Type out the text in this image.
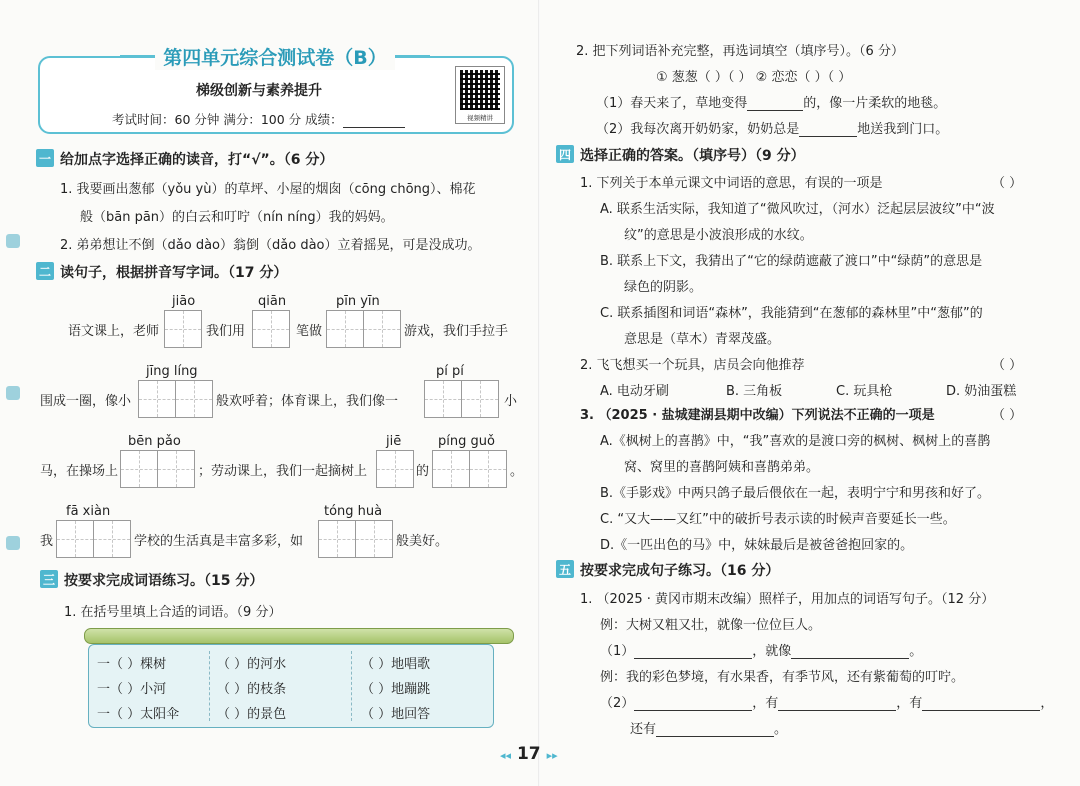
第四单元综合测试卷（B）
梯级创新与素养提升
考试时间：60 分钟 满分：100 分 成绩：	视频精讲
一 给加点字选择正确的读音，打“√”。（6 分）
1. 我要画出葱郁（yǒu yù）的草坪、小屋的烟囱（cōng chōng）、棉花
般（bān pān）的白云和叮咛（nín níng）我的妈妈。
2. 弟弟想让不倒（dǎo dào）翁倒（dǎo dào）立着摇晃，可是没成功。
二 读句子，根据拼音写字词。（17 分）
jiāo	qiān	pīn yīn
语文课上，老师	我们用	笔做	游戏，我们手拉手
jīng líng	pí pí
围成一圈，像小	般欢呼着；体育课上，我们像一	小
bēn pǎo	jiē	píng guǒ
马，在操场上	；劳动课上，我们一起摘树上	的	。
fā xiàn	tóng huà
我	学校的生活真是丰富多彩，如	般美好。
三 按要求完成词语练习。（15 分）
1. 在括号里填上合适的词语。（9 分）
一（ ）棵树	（ ）的河水	（ ）地唱歌
一（ ）小河	（ ）的枝条	（ ）地蹦跳
一（ ）太阳伞	（ ）的景色	（ ）地回答
2. 把下列词语补充完整，再选词填空（填序号）。（6 分）
① 葱葱（ ）（ ） ② 恋恋（ ）（ ）
（1）春天来了，草地变得	的，像一片柔软的地毯。
（2）我每次离开奶奶家，奶奶总是	地送我到门口。
四 选择正确的答案。（填序号）（9 分）
1. 下列关于本单元课文中词语的意思，有误的一项是	（ ）
A. 联系生活实际，我知道了“微风吹过，（河水）泛起层层波纹”中“波
纹”的意思是小波浪形成的水纹。
B. 联系上下文，我猜出了“它的绿荫遮蔽了渡口”中“绿荫”的意思是
绿色的阴影。
C. 联系插图和词语“森林”，我能猜到“在葱郁的森林里”中“葱郁”的
意思是（草木）青翠茂盛。
2. 飞飞想买一个玩具，店员会向他推荐	（ ）
A. 电动牙刷	B. 三角板	C. 玩具枪	D. 奶油蛋糕
3. （2025 · 盐城建湖县期中改编）下列说法不正确的一项是	（ ）
A.《枫树上的喜鹊》中，“我”喜欢的是渡口旁的枫树、枫树上的喜鹊
窝、窝里的喜鹊阿姨和喜鹊弟弟。
B.《手影戏》中两只鸽子最后偎依在一起，表明宁宁和男孩和好了。
C. “又大——又红”中的破折号表示读的时候声音要延长一些。
D.《一匹出色的马》中，妹妹最后是被爸爸抱回家的。
五 按要求完成句子练习。（16 分）
1. （2025 · 黄冈市期末改编）照样子，用加点的词语写句子。（12 分）
例：大树又粗又壮，就像一位位巨人。
（1）	，就像	。
例：我的彩色梦境，有水果香，有季节风，还有紫葡萄的叮咛。
（2）	，有	，有	，
还有	。
◂◂ 17 ▸▸
